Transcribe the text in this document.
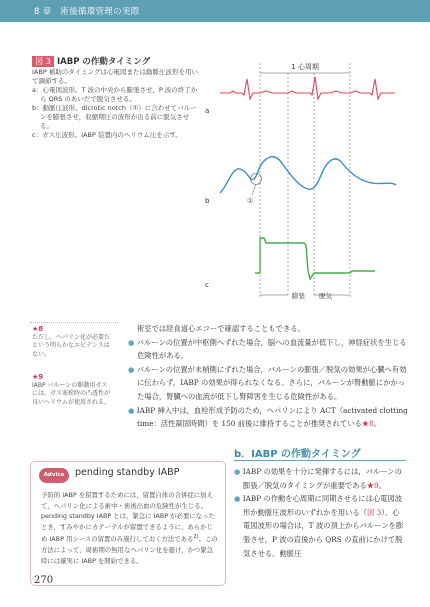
8 章　術後循環管理の実際
図 3 IABP の作動タイミング

IABP 補助のタイミングは心電図または動脈圧波形を用いて調節する。

a：心電図波形。T 波の中央から膨張させ，P 波の終了から QRS のあいだで脱気させる。

b：動脈圧波形。dicrotic notch（①）に合わせてバルーンを膨張させ，収縮期圧の波形が出る前に脱気させる。

c：ガス圧波形。IABP 装置内のヘリウム圧を示す。

1 心周期
a
b
c
①
膨張 脱気
★8
ただし，ヘパリン化が必要だという明らかなエビデンスはない。
★9
IABP バルーンの駆動用ガスには，ガス塞栓時の凸透性が良いヘリウムが使用される。
術室では経食道心エコーで確認することもできる。
● バルーンの位置が中枢側へずれた場合，脳への血流量が低下し，神経症状を生じる危険性がある。
● バルーンの位置が末梢側にずれた場合，バルーンの膨張／脱気の効果が心臓へ有効に伝わらず，IABP の効果が得られなくなる。さらに，バルーンが腎動脈にかかった場合，腎臓への血流が低下し腎障害を生じる危険性がある。
● IABP 挿入中は，血栓形成予防のため，ヘパリンにより ACT（activated clotting time：活性凝固時間）を 150 前後に維持することが推奨されている★8。
Advice	pending standby IABP
予防的 IABP を留置するためには，留置自体の合併症に加えて，ヘパリン化による術中・術後出血の危険性が生じる。pending standby IABP とは，緊急に IABP が必要になったとき，すみやかにカテーテルが留置できるように，あらかじめ IABP 用シースの留置のみ施行しておく方法である$^{2)}$。この方法によって，周術期の無用なヘパリン化を避け，かつ緊急時には確実に IABP を開始できる。
b．IABP の作動タイミング
● IABP の効果を十分に発揮するには，バルーンの膨張／脱気のタイミングが重要である★9。
● IABP の作動を心周期に同期させるには心電図波形か動脈圧波形のいずれかを用いる（図 3）。心電図波形の場合は，T 波の頂上からバルーンを膨張させ，P 波の直後から QRS の直前にかけて脱気させる。動脈圧
270
